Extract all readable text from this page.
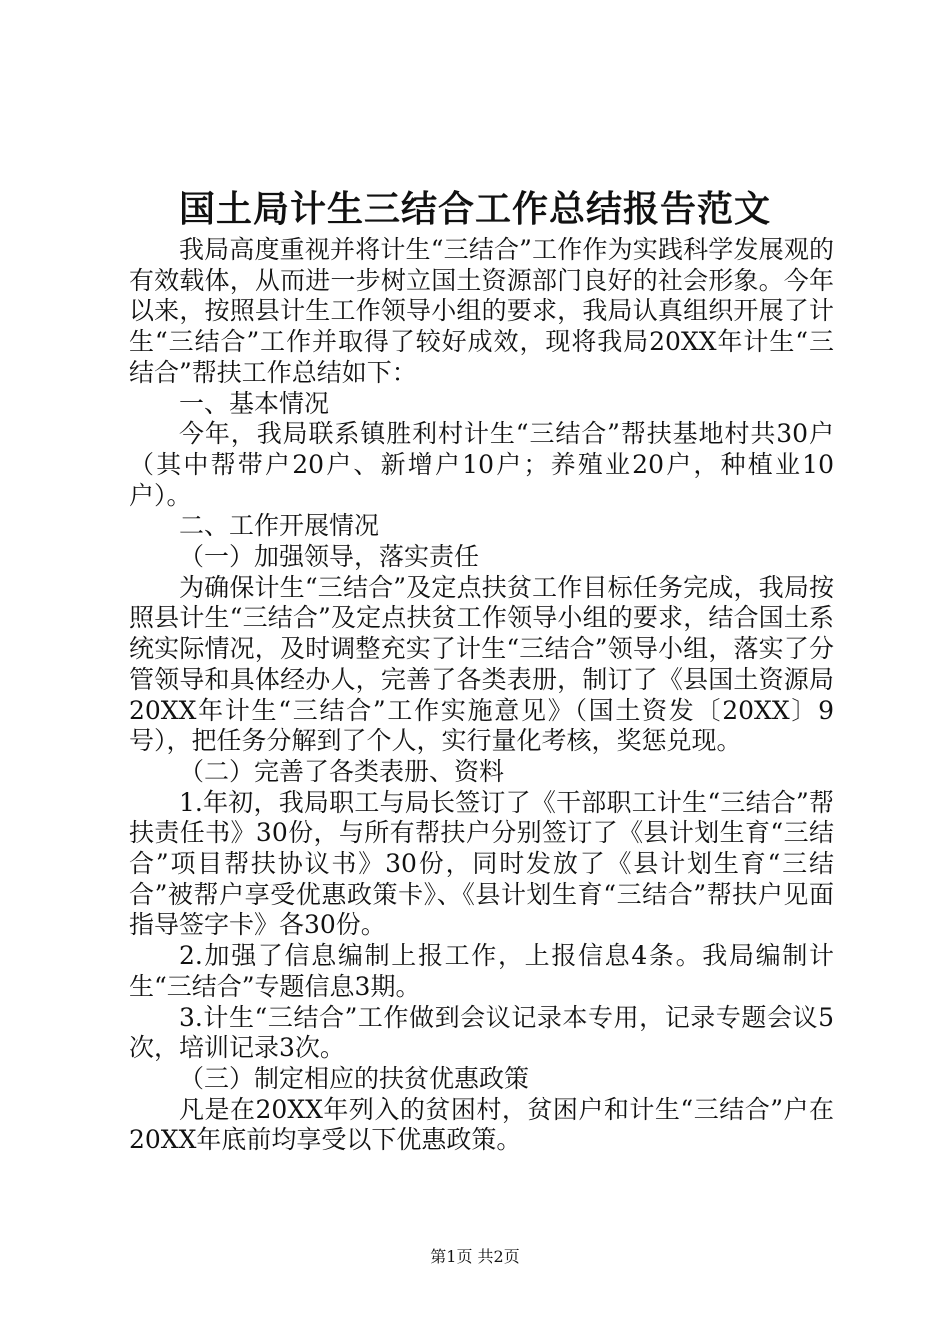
国土局计生三结合工作总结报告范文

我局高度重视并将计生“三结合”工作作为实践科学发展观的有效载体，从而进一步树立国土资源部门良好的社会形象。今年以来，按照县计生工作领导小组的要求，我局认真组织开展了计生“三结合”工作并取得了较好成效，现将我局20XX年计生“三结合”帮扶工作总结如下：

一、基本情况

今年，我局联系镇胜利村计生“三结合”帮扶基地村共30户（其中帮带户20户、新增户10户；养殖业20户，种植业10户）。

二、工作开展情况

（一）加强领导，落实责任

为确保计生“三结合”及定点扶贫工作目标任务完成，我局按照县计生“三结合”及定点扶贫工作领导小组的要求，结合国土系统实际情况，及时调整充实了计生“三结合”领导小组，落实了分管领导和具体经办人，完善了各类表册，制订了《县国土资源局20XX年计生“三结合”工作实施意见》（国土资发〔20XX〕9号），把任务分解到了个人，实行量化考核，奖惩兑现。

（二）完善了各类表册、资料

1.年初，我局职工与局长签订了《干部职工计生“三结合”帮扶责任书》30份，与所有帮扶户分别签订了《县计划生育“三结合”项目帮扶协议书》30份，同时发放了《县计划生育“三结合”被帮户享受优惠政策卡》、《县计划生育“三结合”帮扶户见面指导签字卡》各30份。

2.加强了信息编制上报工作，上报信息4条。我局编制计生“三结合”专题信息3期。

3.计生“三结合”工作做到会议记录本专用，记录专题会议5次，培训记录3次。

（三）制定相应的扶贫优惠政策

凡是在20XX年列入的贫困村，贫困户和计生“三结合”户在20XX年底前均享受以下优惠政策。

第1页 共2页
